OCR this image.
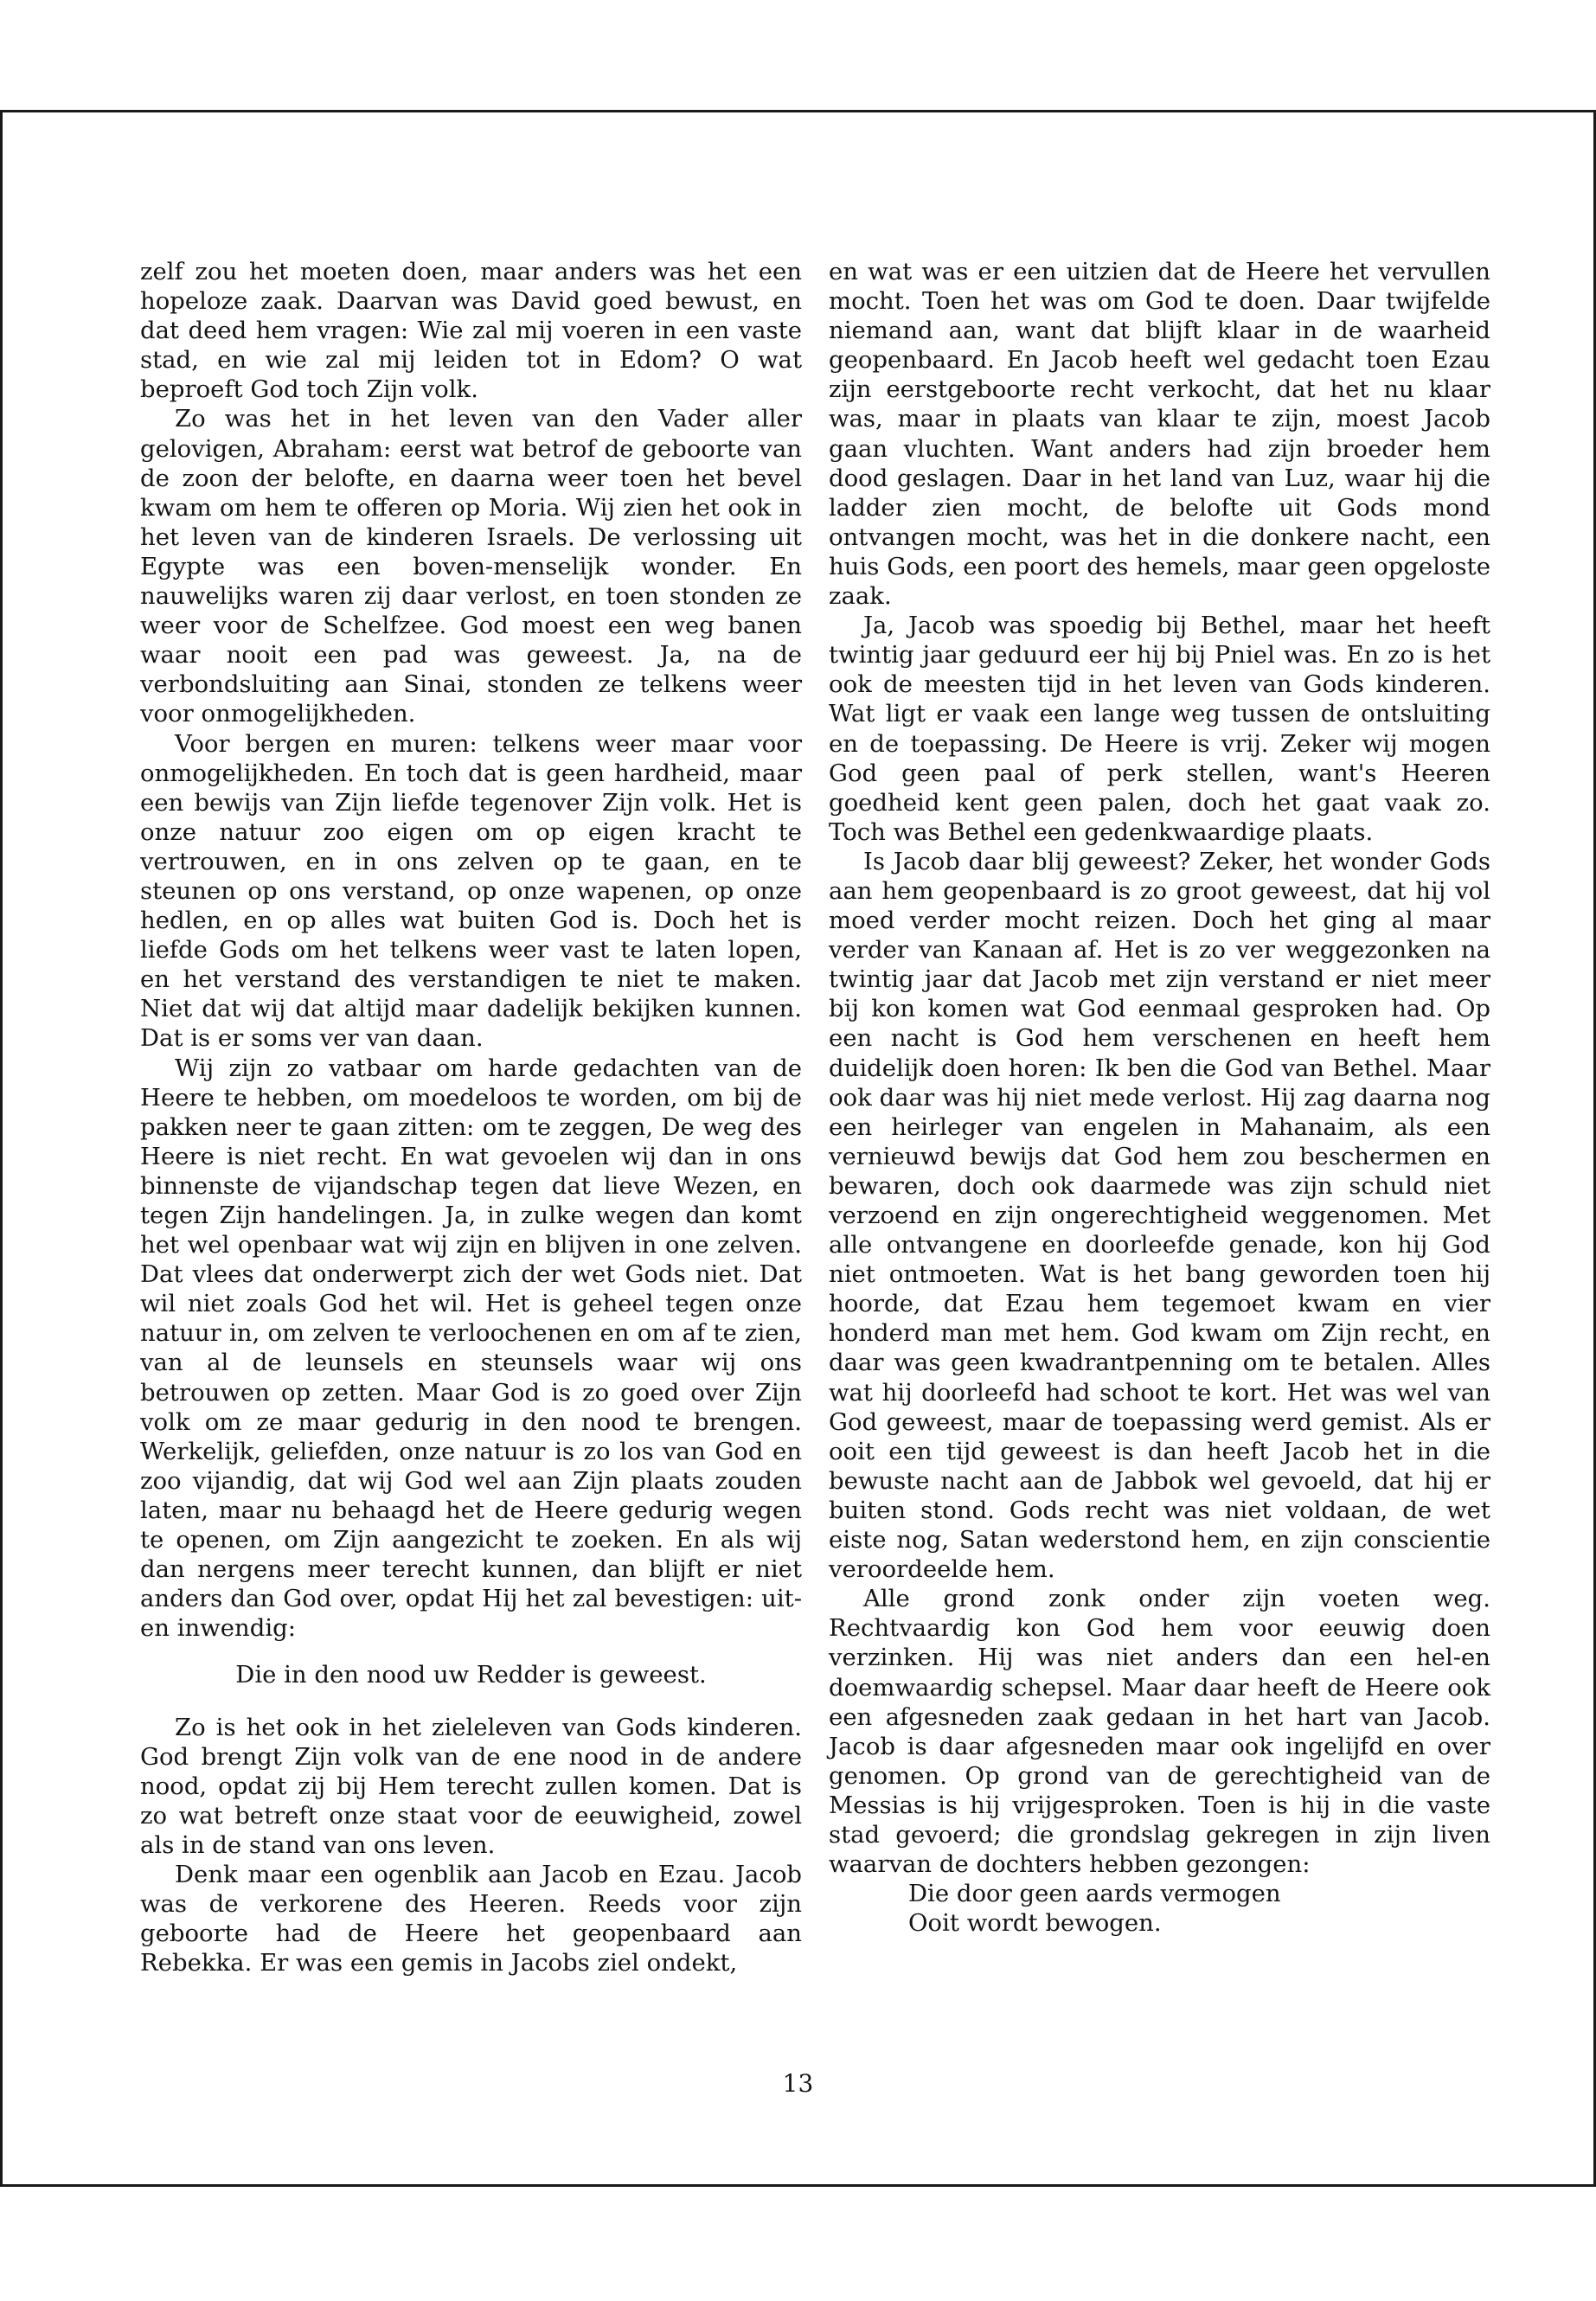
zelf zou het moeten doen, maar anders was het een hopeloze zaak. Daarvan was David goed bewust, en dat deed hem vragen: Wie zal mij voeren in een vaste stad, en wie zal mij leiden tot in Edom? O wat beproeft God toch Zijn volk.

Zo was het in het leven van den Vader aller gelovigen, Abraham: eerst wat betrof de geboorte van de zoon der belofte, en daarna weer toen het bevel kwam om hem te offeren op Moria. Wij zien het ook in het leven van de kinderen Israels. De verlossing uit Egypte was een boven-menselijk wonder. En nauwelijks waren zij daar verlost, en toen stonden ze weer voor de Schelfzee. God moest een weg banen waar nooit een pad was geweest. Ja, na de verbondsluiting aan Sinai, stonden ze telkens weer voor onmogelijkheden.

Voor bergen en muren: telkens weer maar voor onmogelijkheden. En toch dat is geen hardheid, maar een bewijs van Zijn liefde tegenover Zijn volk. Het is onze natuur zoo eigen om op eigen kracht te vertrouwen, en in ons zelven op te gaan, en te steunen op ons verstand, op onze wapenen, op onze hedlen, en op alles wat buiten God is. Doch het is liefde Gods om het telkens weer vast te laten lopen, en het verstand des verstandigen te niet te maken. Niet dat wij dat altijd maar dadelijk bekijken kunnen. Dat is er soms ver van daan.

Wij zijn zo vatbaar om harde gedachten van de Heere te hebben, om moedeloos te worden, om bij de pakken neer te gaan zitten: om te zeggen, De weg des Heere is niet recht. En wat gevoelen wij dan in ons binnenste de vijandschap tegen dat lieve Wezen, en tegen Zijn handelingen. Ja, in zulke wegen dan komt het wel openbaar wat wij zijn en blijven in one zelven. Dat vlees dat onderwerpt zich der wet Gods niet. Dat wil niet zoals God het wil. Het is geheel tegen onze natuur in, om zelven te verloochenen en om af te zien, van al de leunsels en steunsels waar wij ons betrouwen op zetten. Maar God is zo goed over Zijn volk om ze maar gedurig in den nood te brengen. Werkelijk, geliefden, onze natuur is zo los van God en zoo vijandig, dat wij God wel aan Zijn plaats zouden laten, maar nu behaagd het de Heere gedurig wegen te openen, om Zijn aangezicht te zoeken. En als wij dan nergens meer terecht kunnen, dan blijft er niet anders dan God over, opdat Hij het zal bevestigen: uit-en inwendig:

Die in den nood uw Redder is geweest.

Zo is het ook in het zieleleven van Gods kinderen. God brengt Zijn volk van de ene nood in de andere nood, opdat zij bij Hem terecht zullen komen. Dat is zo wat betreft onze staat voor de eeuwigheid, zowel als in de stand van ons leven.

Denk maar een ogenblik aan Jacob en Ezau. Jacob was de verkorene des Heeren. Reeds voor zijn geboorte had de Heere het geopenbaard aan Rebekka. Er was een gemis in Jacobs ziel ondekt,

en wat was er een uitzien dat de Heere het vervullen mocht. Toen het was om God te doen. Daar twijfelde niemand aan, want dat blijft klaar in de waarheid geopenbaard. En Jacob heeft wel gedacht toen Ezau zijn eerstgeboorte recht verkocht, dat het nu klaar was, maar in plaats van klaar te zijn, moest Jacob gaan vluchten. Want anders had zijn broeder hem dood geslagen. Daar in het land van Luz, waar hij die ladder zien mocht, de belofte uit Gods mond ontvangen mocht, was het in die donkere nacht, een huis Gods, een poort des hemels, maar geen opgeloste zaak.

Ja, Jacob was spoedig bij Bethel, maar het heeft twintig jaar geduurd eer hij bij Pniel was. En zo is het ook de meesten tijd in het leven van Gods kinderen. Wat ligt er vaak een lange weg tussen de ontsluiting en de toepassing. De Heere is vrij. Zeker wij mogen God geen paal of perk stellen, want's Heeren goedheid kent geen palen, doch het gaat vaak zo. Toch was Bethel een gedenkwaardige plaats.

Is Jacob daar blij geweest? Zeker, het wonder Gods aan hem geopenbaard is zo groot geweest, dat hij vol moed verder mocht reizen. Doch het ging al maar verder van Kanaan af. Het is zo ver weggezonken na twintig jaar dat Jacob met zijn verstand er niet meer bij kon komen wat God eenmaal gesproken had. Op een nacht is God hem verschenen en heeft hem duidelijk doen horen: Ik ben die God van Bethel. Maar ook daar was hij niet mede verlost. Hij zag daarna nog een heirleger van engelen in Mahanaim, als een vernieuwd bewijs dat God hem zou beschermen en bewaren, doch ook daarmede was zijn schuld niet verzoend en zijn ongerechtigheid weggenomen. Met alle ontvangene en doorleefde genade, kon hij God niet ontmoeten. Wat is het bang geworden toen hij hoorde, dat Ezau hem tegemoet kwam en vier honderd man met hem. God kwam om Zijn recht, en daar was geen kwadrantpenning om te betalen. Alles wat hij doorleefd had schoot te kort. Het was wel van God geweest, maar de toepassing werd gemist. Als er ooit een tijd geweest is dan heeft Jacob het in die bewuste nacht aan de Jabbok wel gevoeld, dat hij er buiten stond. Gods recht was niet voldaan, de wet eiste nog, Satan wederstond hem, en zijn conscientie veroordeelde hem.

Alle grond zonk onder zijn voeten weg. Rechtvaardig kon God hem voor eeuwig doen verzinken. Hij was niet anders dan een hel-en doemwaardig schepsel. Maar daar heeft de Heere ook een afgesneden zaak gedaan in het hart van Jacob. Jacob is daar afgesneden maar ook ingelijfd en over genomen. Op grond van de gerechtigheid van de Messias is hij vrijgesproken. Toen is hij in die vaste stad gevoerd; die grondslag gekregen in zijn liven waarvan de dochters hebben gezongen:

Die door geen aards vermogen
Ooit wordt bewogen.
13
